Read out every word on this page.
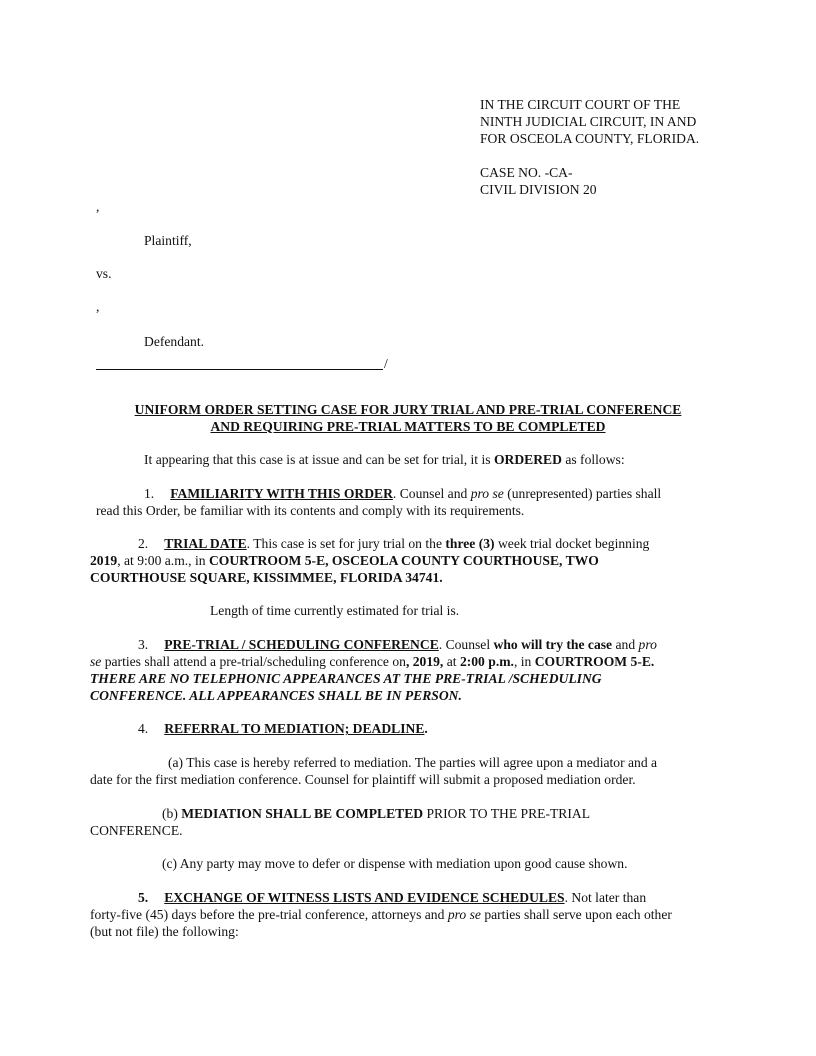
IN THE CIRCUIT COURT OF THE
NINTH JUDICIAL CIRCUIT, IN AND
FOR OSCEOLA COUNTY, FLORIDA.
CASE NO. -CA-
CIVIL DIVISION 20
,
Plaintiff,
vs.
,
Defendant.
/
UNIFORM ORDER SETTING CASE FOR JURY TRIAL AND PRE-TRIAL CONFERENCE
AND REQUIRING PRE-TRIAL MATTERS TO BE COMPLETED
It appearing that this case is at issue and can be set for trial, it is ORDERED as follows:
1. FAMILIARITY WITH THIS ORDER. Counsel and pro se (unrepresented) parties shall
read this Order, be familiar with its contents and comply with its requirements.
2. TRIAL DATE. This case is set for jury trial on the three (3) week trial docket beginning
2019, at 9:00 a.m., in COURTROOM 5-E, OSCEOLA COUNTY COURTHOUSE, TWO
COURTHOUSE SQUARE, KISSIMMEE, FLORIDA 34741.
Length of time currently estimated for trial is.
3. PRE-TRIAL / SCHEDULING CONFERENCE. Counsel who will try the case and pro
se parties shall attend a pre-trial/scheduling conference on, 2019, at 2:00 p.m., in COURTROOM 5-E.
THERE ARE NO TELEPHONIC APPEARANCES AT THE PRE-TRIAL /SCHEDULING
CONFERENCE. ALL APPEARANCES SHALL BE IN PERSON.
4. REFERRAL TO MEDIATION; DEADLINE.
(a) This case is hereby referred to mediation. The parties will agree upon a mediator and a
date for the first mediation conference. Counsel for plaintiff will submit a proposed mediation order.
(b) MEDIATION SHALL BE COMPLETED PRIOR TO THE PRE-TRIAL
CONFERENCE.
(c) Any party may move to defer or dispense with mediation upon good cause shown.
5. EXCHANGE OF WITNESS LISTS AND EVIDENCE SCHEDULES. Not later than
forty-five (45) days before the pre-trial conference, attorneys and pro se parties shall serve upon each other
(but not file) the following:
